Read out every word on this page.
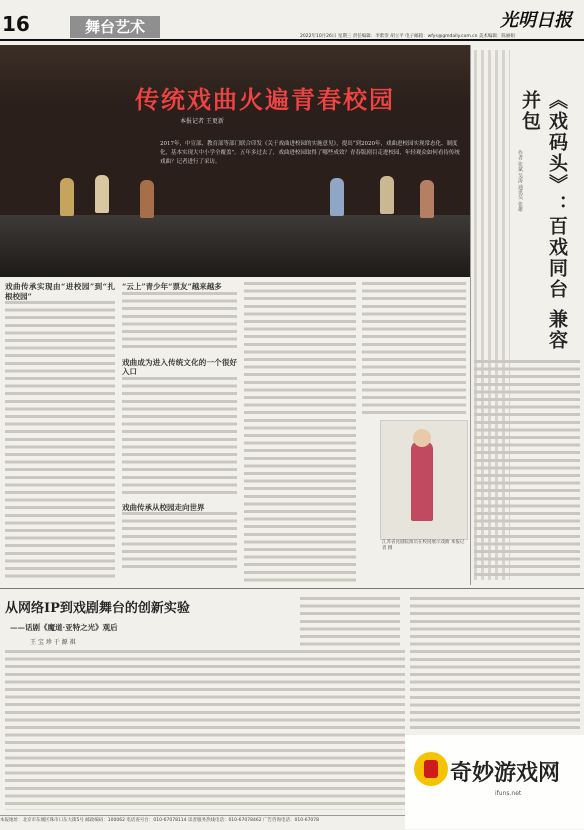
16	舞台艺术
2022年10月26日 星期三 责任编辑：李紫崇 胡立平 电子邮箱：wfys@gmdaily.com.cn 美术编辑：陈丽娟
光明日报
传统戏曲火遍青春校园
本报记者 王更新
2017年，中宣部、教育部等部门联合印发《关于戏曲进校园的实施意见》，提出“到2020年，戏曲进校园实现常态化、制度化，基本实现大中小学全覆盖”。五年多过去了，戏曲进校园取得了哪些成效？青春版剧目走进校园，年轻观众如何看待传统戏曲？记者进行了采访。
戏曲传承实现由“进校园”到“扎根校园”
“云上”青少年“票友”越来越多
戏曲成为进入传统文化的一个很好入口
戏曲传承从校园走向世界
江苏省昆剧院演员在校园展示戏曲 本报记者 摄
《戏码头》：百戏同台 兼容并包
作者 张斌 吴涛 通讯员 张雄
从网络IP到戏剧舞台的创新实验
——话剧《魔道·亚特之光》观后
王 宝 珍 于 源 祺
奇妙游戏网
ifuns.net
本报地址：北京市东城区珠市口东大街5号 邮政编码：100062 电话查号台：010-67078114 读者服务热线电话：010-67078462 广告咨询电话：010-67078
